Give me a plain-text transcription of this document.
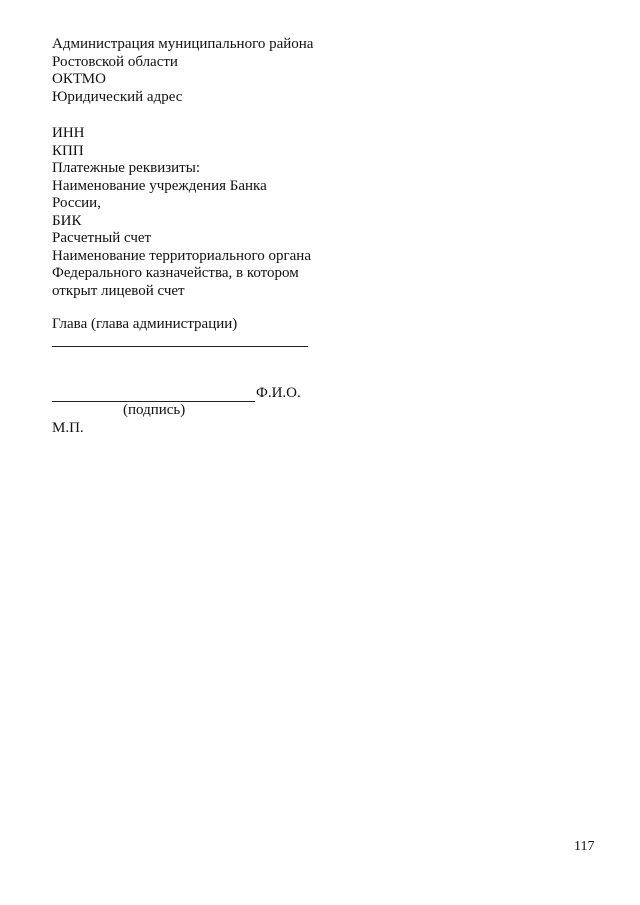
Администрация муниципального района
Ростовской области
ОКТМО
Юридический адрес
ИНН
КПП
Платежные реквизиты:
Наименование учреждения Банка
России,
БИК
Расчетный счет
Наименование территориального органа
Федерального казначейства, в котором
открыт лицевой счет
Глава (глава администрации)
Ф.И.О.
(подпись)
М.П.
117
